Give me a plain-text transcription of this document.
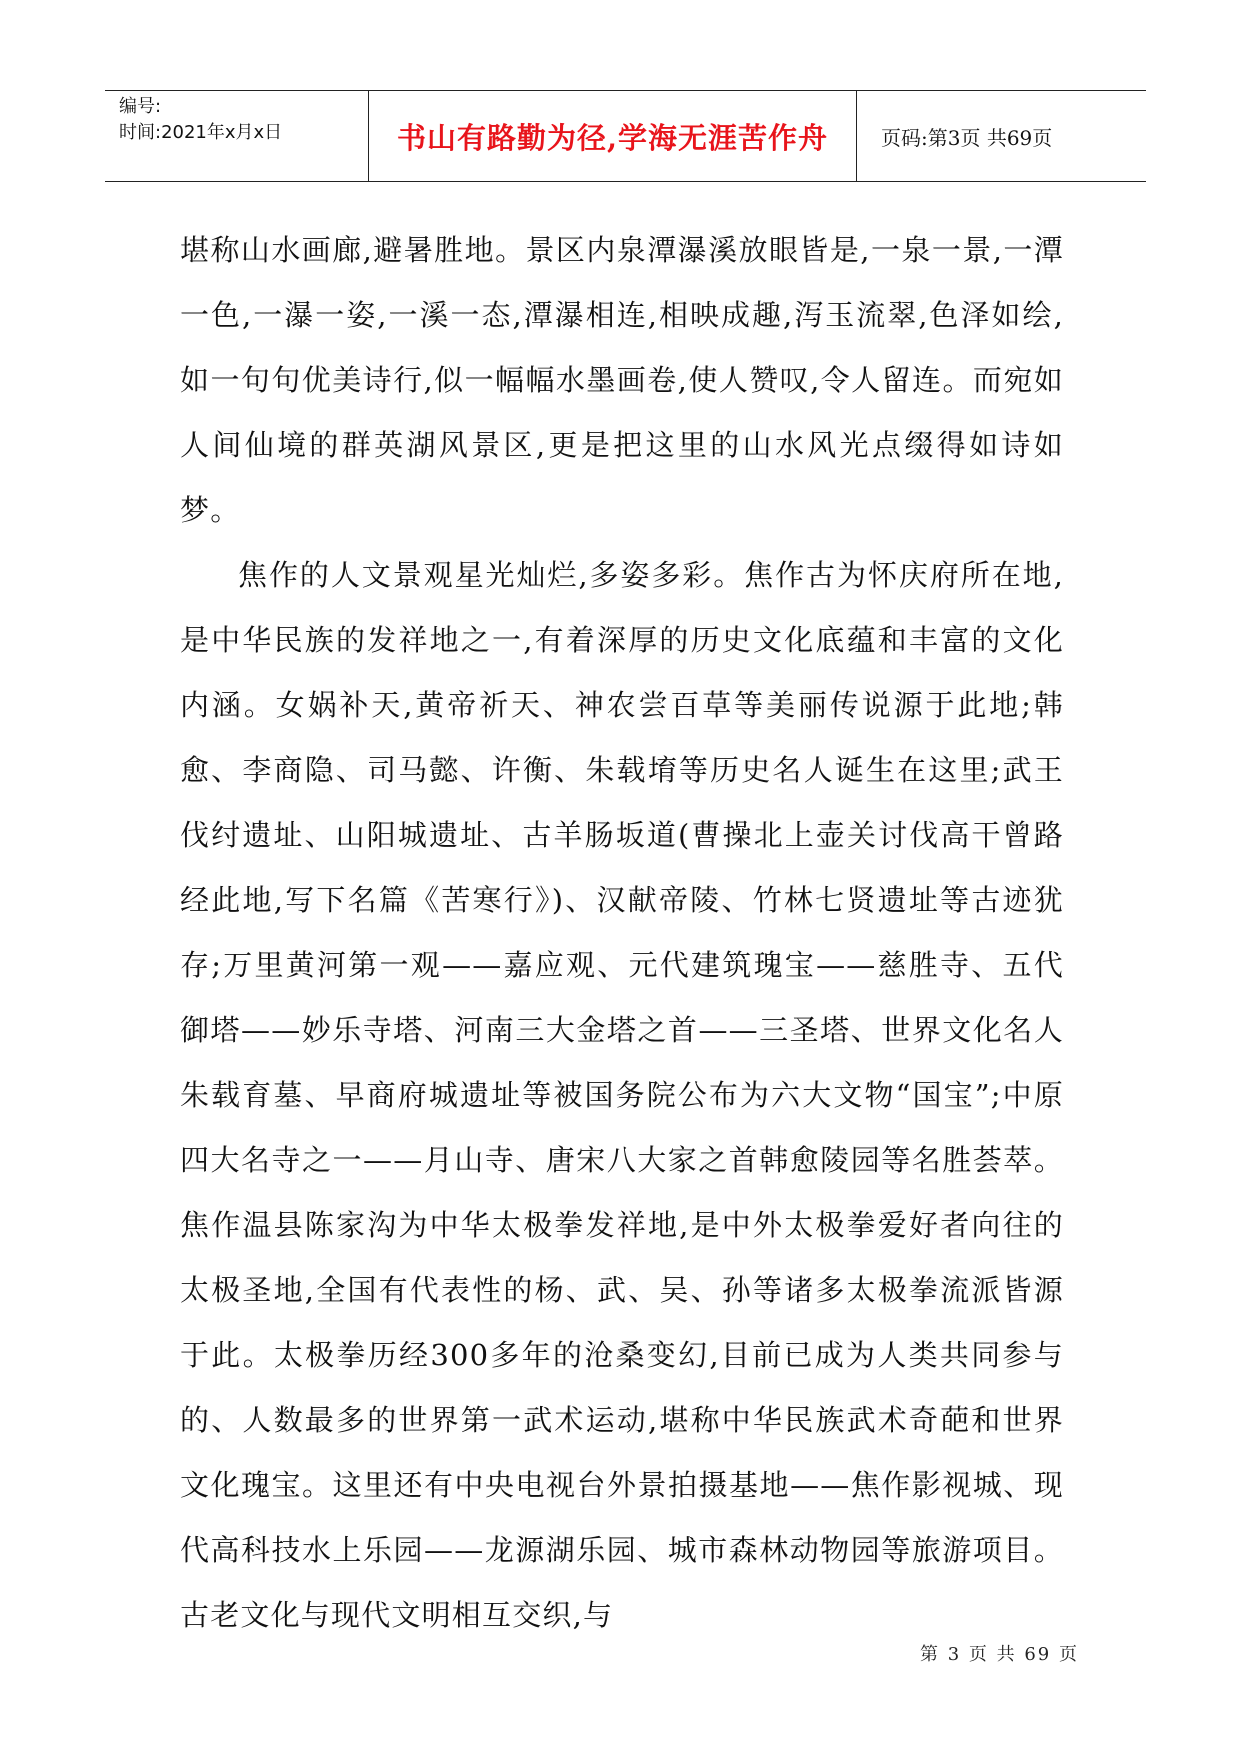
编号:
时间:2021年x月x日	书山有路勤为径,学海无涯苦作舟	页码:第3页 共69页

堪称山水画廊,避暑胜地。景区内泉潭瀑溪放眼皆是,一泉一景,一潭一色,一瀑一姿,一溪一态,潭瀑相连,相映成趣,泻玉流翠,色泽如绘,如一句句优美诗行,似一幅幅水墨画卷,使人赞叹,令人留连。而宛如人间仙境的群英湖风景区,更是把这里的山水风光点缀得如诗如梦。

焦作的人文景观星光灿烂,多姿多彩。焦作古为怀庆府所在地,是中华民族的发祥地之一,有着深厚的历史文化底蕴和丰富的文化内涵。女娲补天,黄帝祈天、神农尝百草等美丽传说源于此地;韩愈、李商隐、司马懿、许衡、朱载堉等历史名人诞生在这里;武王伐纣遗址、山阳城遗址、古羊肠坂道(曹操北上壶关讨伐高干曾路经此地,写下名篇《苦寒行》)、汉献帝陵、竹林七贤遗址等古迹犹存;万里黄河第一观——嘉应观、元代建筑瑰宝——慈胜寺、五代御塔——妙乐寺塔、河南三大金塔之首——三圣塔、世界文化名人朱载育墓、早商府城遗址等被国务院公布为六大文物“国宝”;中原四大名寺之一——月山寺、唐宋八大家之首韩愈陵园等名胜荟萃。焦作温县陈家沟为中华太极拳发祥地,是中外太极拳爱好者向往的太极圣地,全国有代表性的杨、武、吴、孙等诸多太极拳流派皆源于此。太极拳历经300多年的沧桑变幻,目前已成为人类共同参与的、人数最多的世界第一武术运动,堪称中华民族武术奇葩和世界文化瑰宝。这里还有中央电视台外景拍摄基地——焦作影视城、现代高科技水上乐园——龙源湖乐园、城市森林动物园等旅游项目。古老文化与现代文明相互交织,与

第 3 页 共 69 页
